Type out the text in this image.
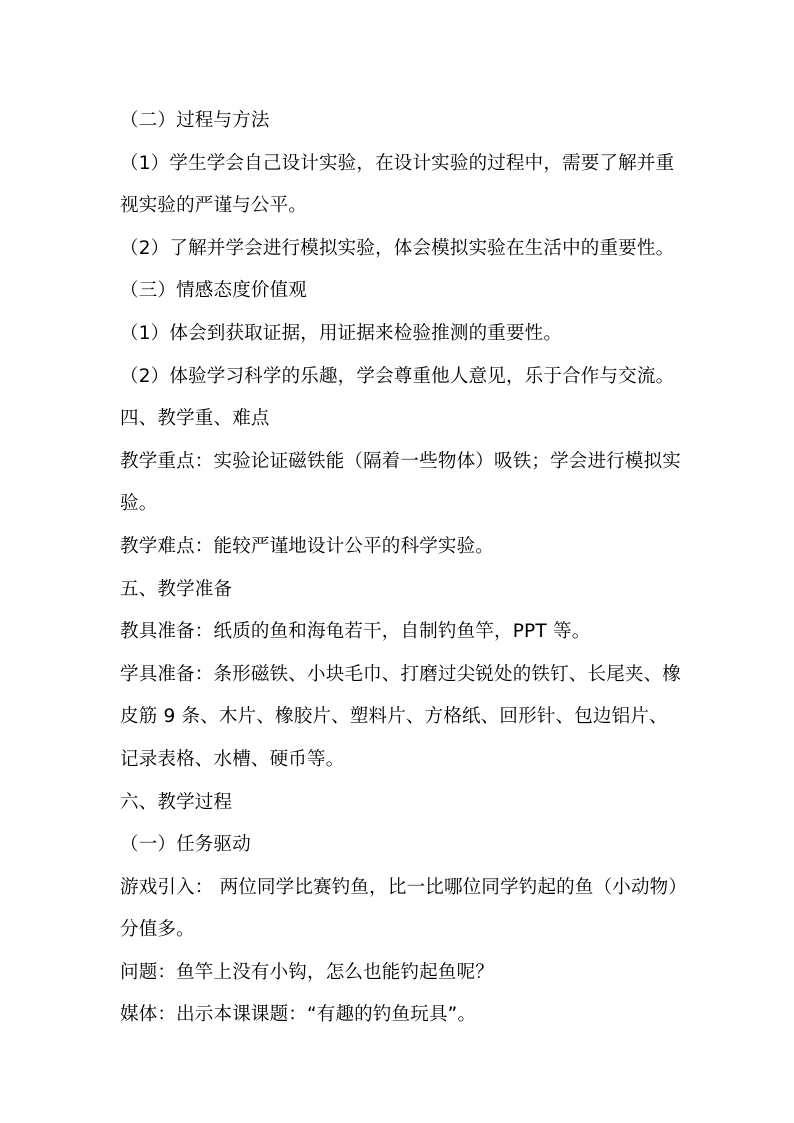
（二）过程与方法
（1）学生学会自己设计实验，在设计实验的过程中，需要了解并重
视实验的严谨与公平。
（2）了解并学会进行模拟实验，体会模拟实验在生活中的重要性。
（三）情感态度价值观
（1）体会到获取证据，用证据来检验推测的重要性。
（2）体验学习科学的乐趣，学会尊重他人意见，乐于合作与交流。
四、教学重、难点
教学重点：实验论证磁铁能（隔着一些物体）吸铁；学会进行模拟实
验。
教学难点：能较严谨地设计公平的科学实验。
五、教学准备
教具准备：纸质的鱼和海龟若干，自制钓鱼竿，PPT 等。
学具准备：条形磁铁、小块毛巾、打磨过尖锐处的铁钉、长尾夹、橡
皮筋 9 条、木片、橡胶片、塑料片、方格纸、回形针、包边铝片、
记录表格、水槽、硬币等。
六、教学过程
（一）任务驱动
游戏引入： 两位同学比赛钓鱼，比一比哪位同学钓起的鱼（小动物）
分值多。
问题：鱼竿上没有小钩，怎么也能钓起鱼呢？
媒体：出示本课课题：“有趣的钓鱼玩具”。
